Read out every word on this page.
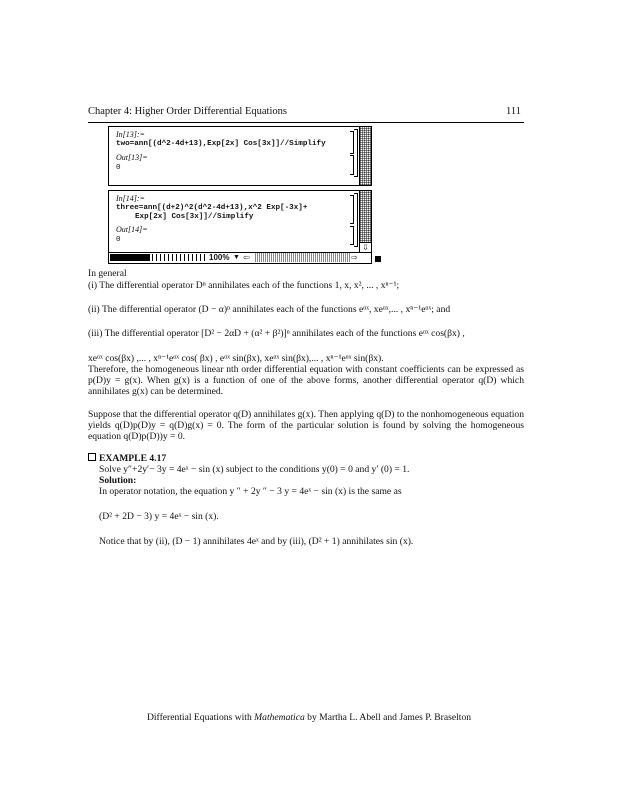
Chapter 4: Higher Order Differential Equations	111
In[13]:=
two=ann[(d^2-4d+13),Exp[2x] Cos[3x]]//Simplify
Out[13]=
0
In[14]:=
three=ann[(d+2)^2(d^2-4d+13),x^2 Exp[-3x]+
Exp[2x] Cos[3x]]//Simplify
Out[14]=
0
⇩
100% ▼ ⇦	⇨
In general
(i) The differential operator Dⁿ annihilates each of the functions 1, x, x², ... , xⁿ⁻¹;
(ii) The differential operator (D − α)ⁿ annihilates each of the functions eᵅˣ, xeᵅˣ,... , xⁿ⁻¹eᵅˣ; and
(iii) The differential operator [D² − 2αD + (α² + β²)]ⁿ annihilates each of the functions eᵅˣ cos(βx) ,
xeᵅˣ cos(βx) ,... , xⁿ⁻¹eᵅˣ cos( βx) , eᵅˣ sin(βx), xeᵅˣ sin(βx),... , xⁿ⁻¹eᵅˣ sin(βx).
Therefore, the homogeneous linear nth order differential equation with constant coefficients can be expressed as p(D)y = g(x). When g(x) is a function of one of the above forms, another differential operator q(D) which annihilates g(x) can be determined.
Suppose that the differential operator q(D) annihilates g(x). Then applying q(D) to the nonhomogeneous equation yields q(D)p(D)y = q(D)g(x) = 0. The form of the particular solution is found by solving the homogeneous equation q(D)p(D))y = 0.
EXAMPLE 4.17
Solve y″+2y′− 3y = 4eˣ − sin (x) subject to the conditions y(0) = 0 and y′ (0) = 1.
Solution:
In operator notation, the equation y ″ + 2y ″ − 3 y = 4eˣ − sin (x) is the same as
(D² + 2D − 3) y = 4eˣ − sin (x).
Notice that by (ii), (D − 1) annihilates 4eˣ and by (iii), (D² + 1) annihilates sin (x).
Differential Equations with Mathematica by Martha L. Abell and James P. Braselton
